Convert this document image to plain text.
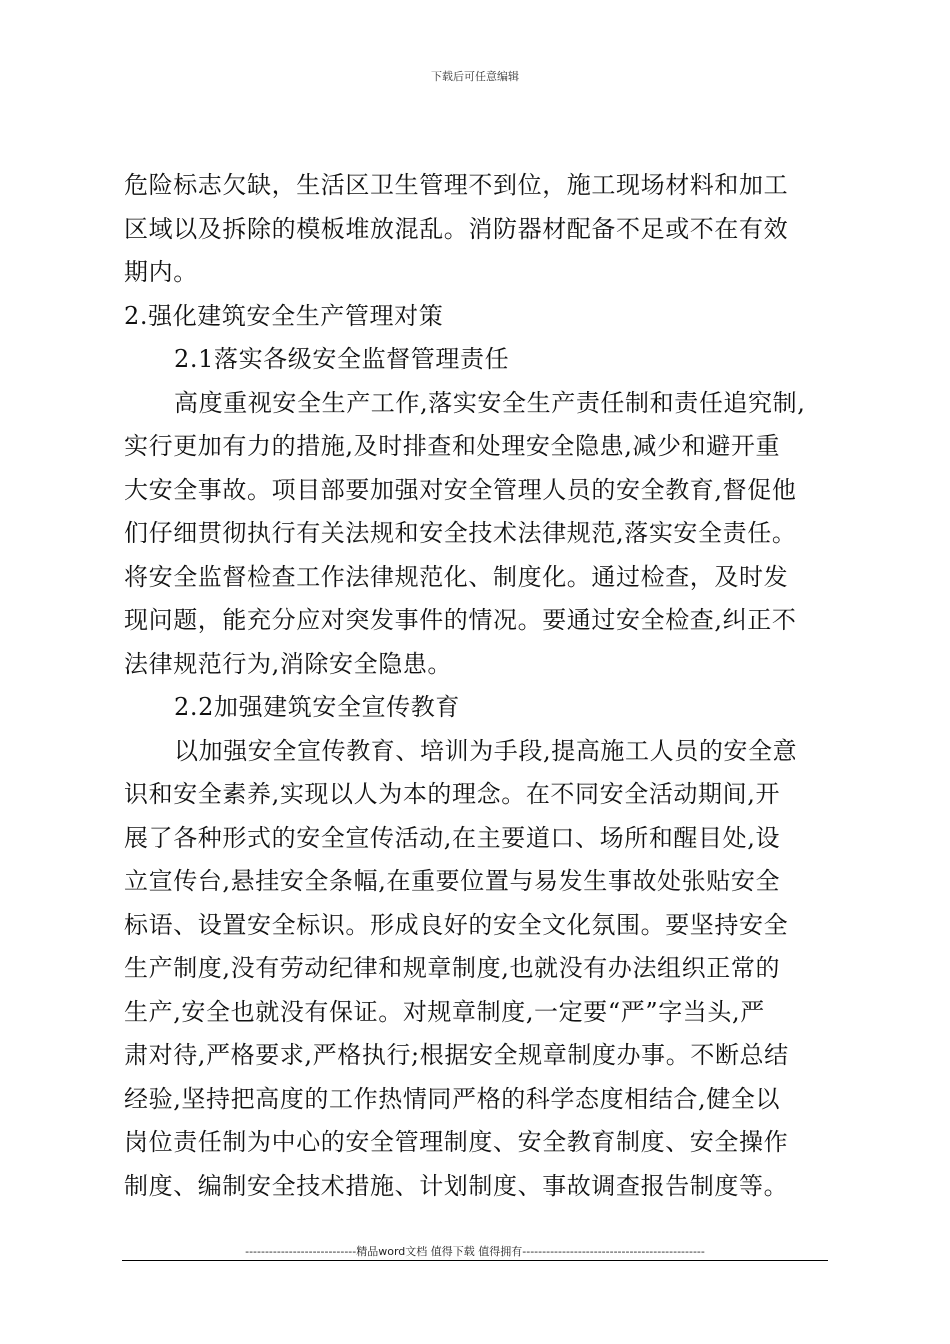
下载后可任意编辑
危险标志欠缺，生活区卫生管理不到位，施工现场材料和加工
区域以及拆除的模板堆放混乱。消防器材配备不足或不在有效
期内。
2.强化建筑安全生产管理对策
2.1落实各级安全监督管理责任
高度重视安全生产工作,落实安全生产责任制和责任追究制,
实行更加有力的措施,及时排查和处理安全隐患,减少和避开重
大安全事故。项目部要加强对安全管理人员的安全教育,督促他
们仔细贯彻执行有关法规和安全技术法律规范,落实安全责任。
将安全监督检查工作法律规范化、制度化。通过检查，及时发
现问题，能充分应对突发事件的情况。要通过安全检查,纠正不
法律规范行为,消除安全隐患。
2.2加强建筑安全宣传教育
以加强安全宣传教育、培训为手段,提高施工人员的安全意
识和安全素养,实现以人为本的理念。在不同安全活动期间,开
展了各种形式的安全宣传活动,在主要道口、场所和醒目处,设
立宣传台,悬挂安全条幅,在重要位置与易发生事故处张贴安全
标语、设置安全标识。形成良好的安全文化氛围。要坚持安全
生产制度,没有劳动纪律和规章制度,也就没有办法组织正常的
生产,安全也就没有保证。对规章制度,一定要“严”字当头,严
肃对待,严格要求,严格执行;根据安全规章制度办事。不断总结
经验,坚持把高度的工作热情同严格的科学态度相结合,健全以
岗位责任制为中心的安全管理制度、安全教育制度、安全操作
制度、编制安全技术措施、计划制度、事故调查报告制度等。
----------------------------精品word文档 值得下载 值得拥有----------------------------------------------
